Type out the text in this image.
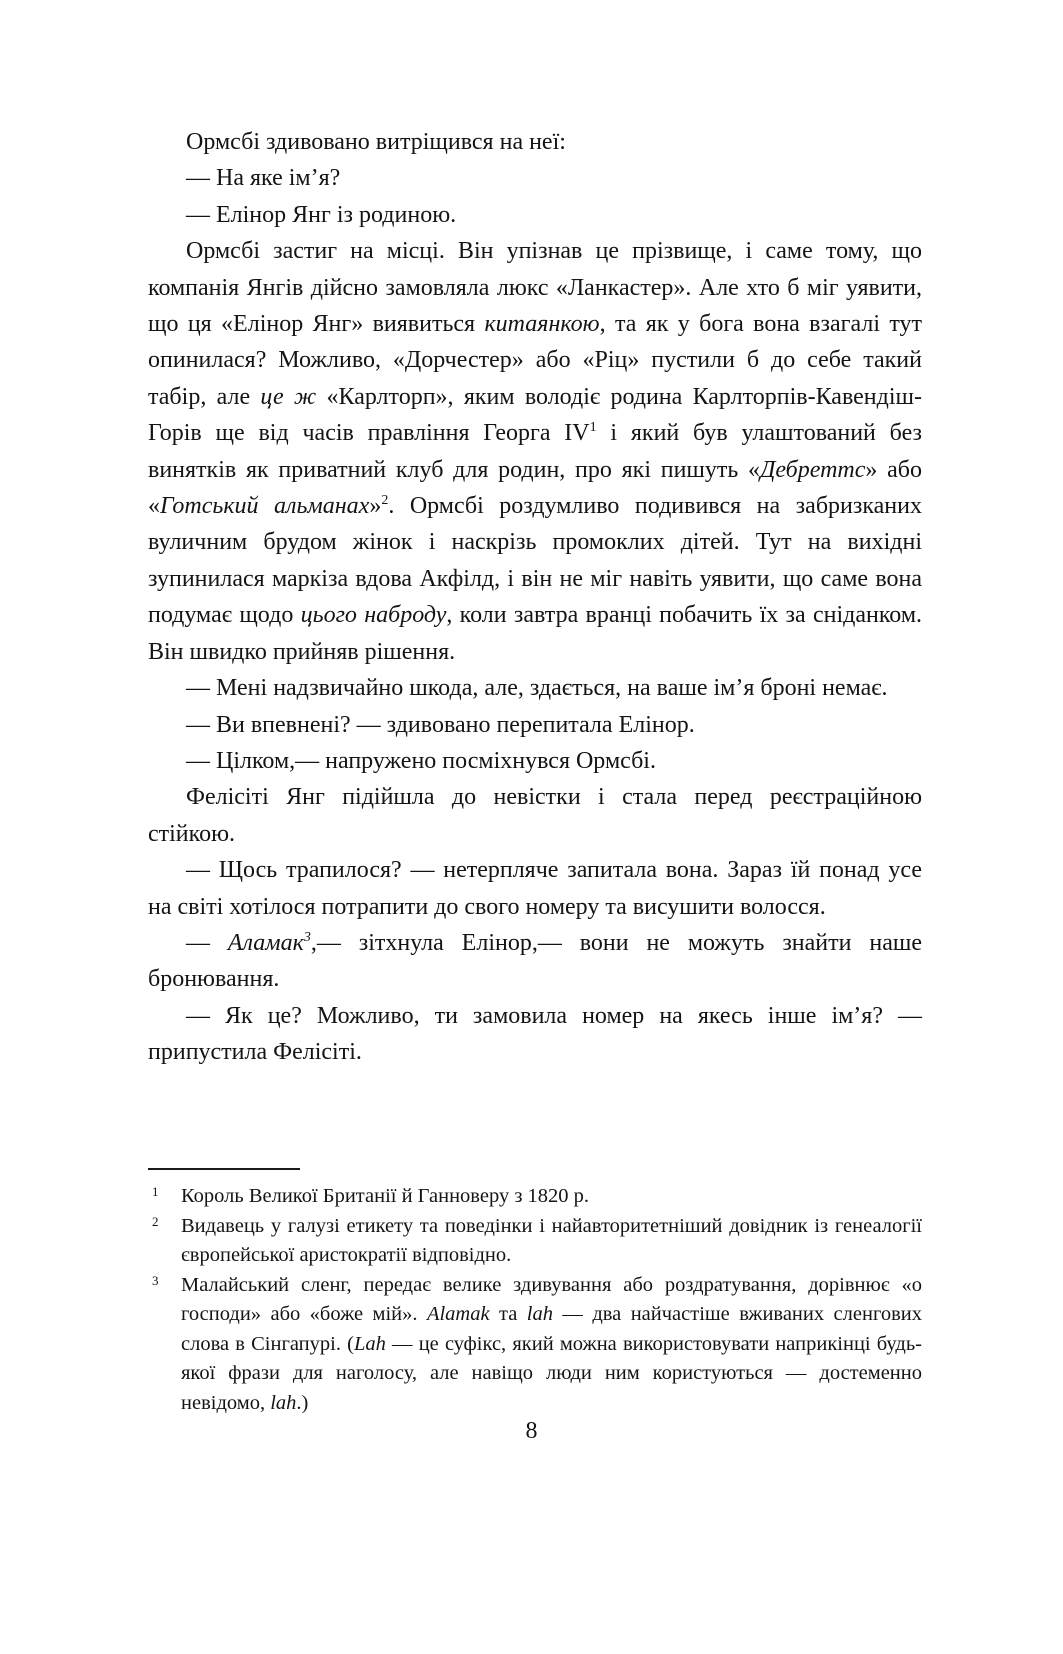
Ормсбі здивовано витріщився на неї:

— На яке ім’я?

— Елінор Янг із родиною.

Ормсбі застиг на місці. Він упізнав це прізвище, і саме тому, що компанія Янгів дійсно замовляла люкс «Ланкастер». Але хто б міг уявити, що ця «Елінор Янг» виявиться китаянкою, та як у бога вона взагалі тут опинилася? Можливо, «Дорчестер» або «Ріц» пустили б до себе такий табір, але це ж «Карлторп», яким володіє родина Карлторпів-Кавендіш-Горів ще від часів правління Георга $IV^1$ і який був улаштований без винятків як приватний клуб для родин, про які пишуть «Дебреттс» або «Готський альманах»$^2$. Ормсбі роздумливо подивився на забризканих вуличним брудом жінок і наскрізь промоклих дітей. Тут на вихідні зупинилася маркіза вдова Акфілд, і він не міг навіть уявити, що саме вона подумає щодо цього наброду, коли завтра вранці побачить їх за сніданком. Він швидко прийняв рішення.

— Мені надзвичайно шкода, але, здається, на ваше ім’я броні немає.

— Ви впевнені? — здивовано перепитала Елінор.

— Цілком,— напружено посміхнувся Ормсбі.

Фелісіті Янг підійшла до невістки і стала перед реєстраційною стійкою.

— Щось трапилося? — нетерпляче запитала вона. Зараз їй понад усе на світі хотілося потрапити до свого номеру та висушити волосся.

— Аламак$^3$,— зітхнула Елінор,— вони не можуть знайти наше бронювання.

— Як це? Можливо, ти замовила номер на якесь інше ім’я? — припустила Фелісіті.

1 Король Великої Британії й Ганноверу з 1820 р.

2 Видавець у галузі етикету та поведінки і найавторитетніший довідник із генеалогії європейської аристократії відповідно.

3 Малайський сленг, передає велике здивування або роздратування, дорівнює «о господи» або «боже мій». Alamak та lah — два найчастіше вживаних сленгових слова в Сінгапурі. (Lah — це суфікс, який можна використовувати наприкінці будь-якої фрази для наголосу, але навіщо люди ним користуються — достеменно невідомо, lah.)

8
